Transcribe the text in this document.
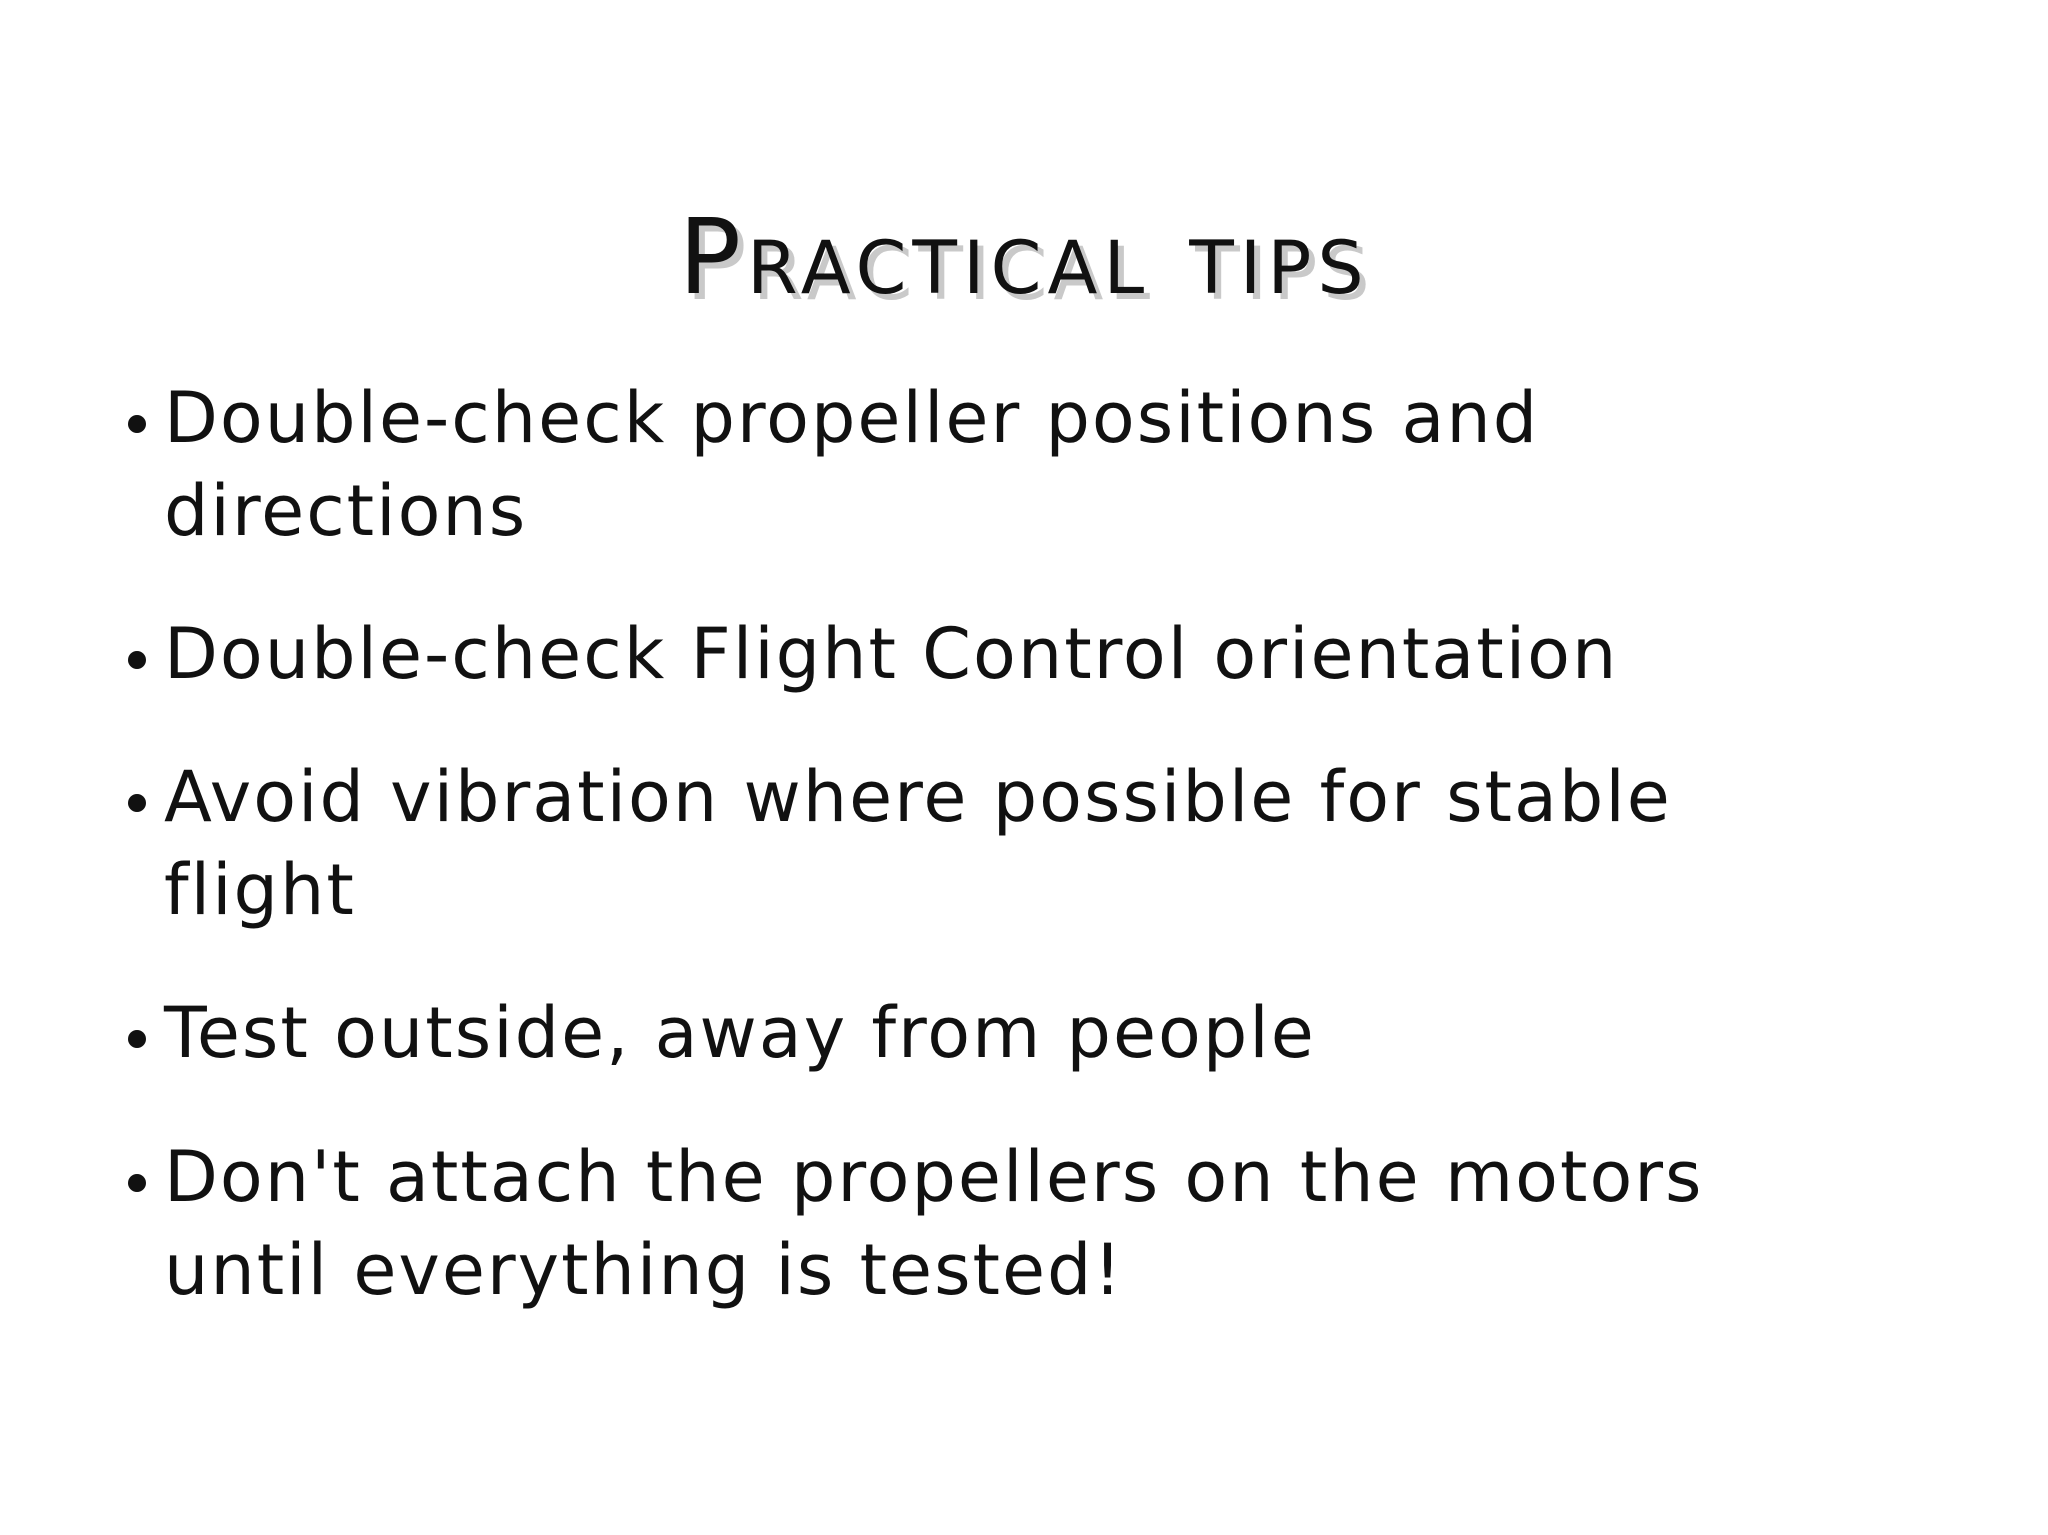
Practical tips
Double-check propeller positions and directions
Double-check Flight Control orientation
Avoid vibration where possible for stable flight
Test outside, away from people
Don't attach the propellers on the motors until everything is tested!
